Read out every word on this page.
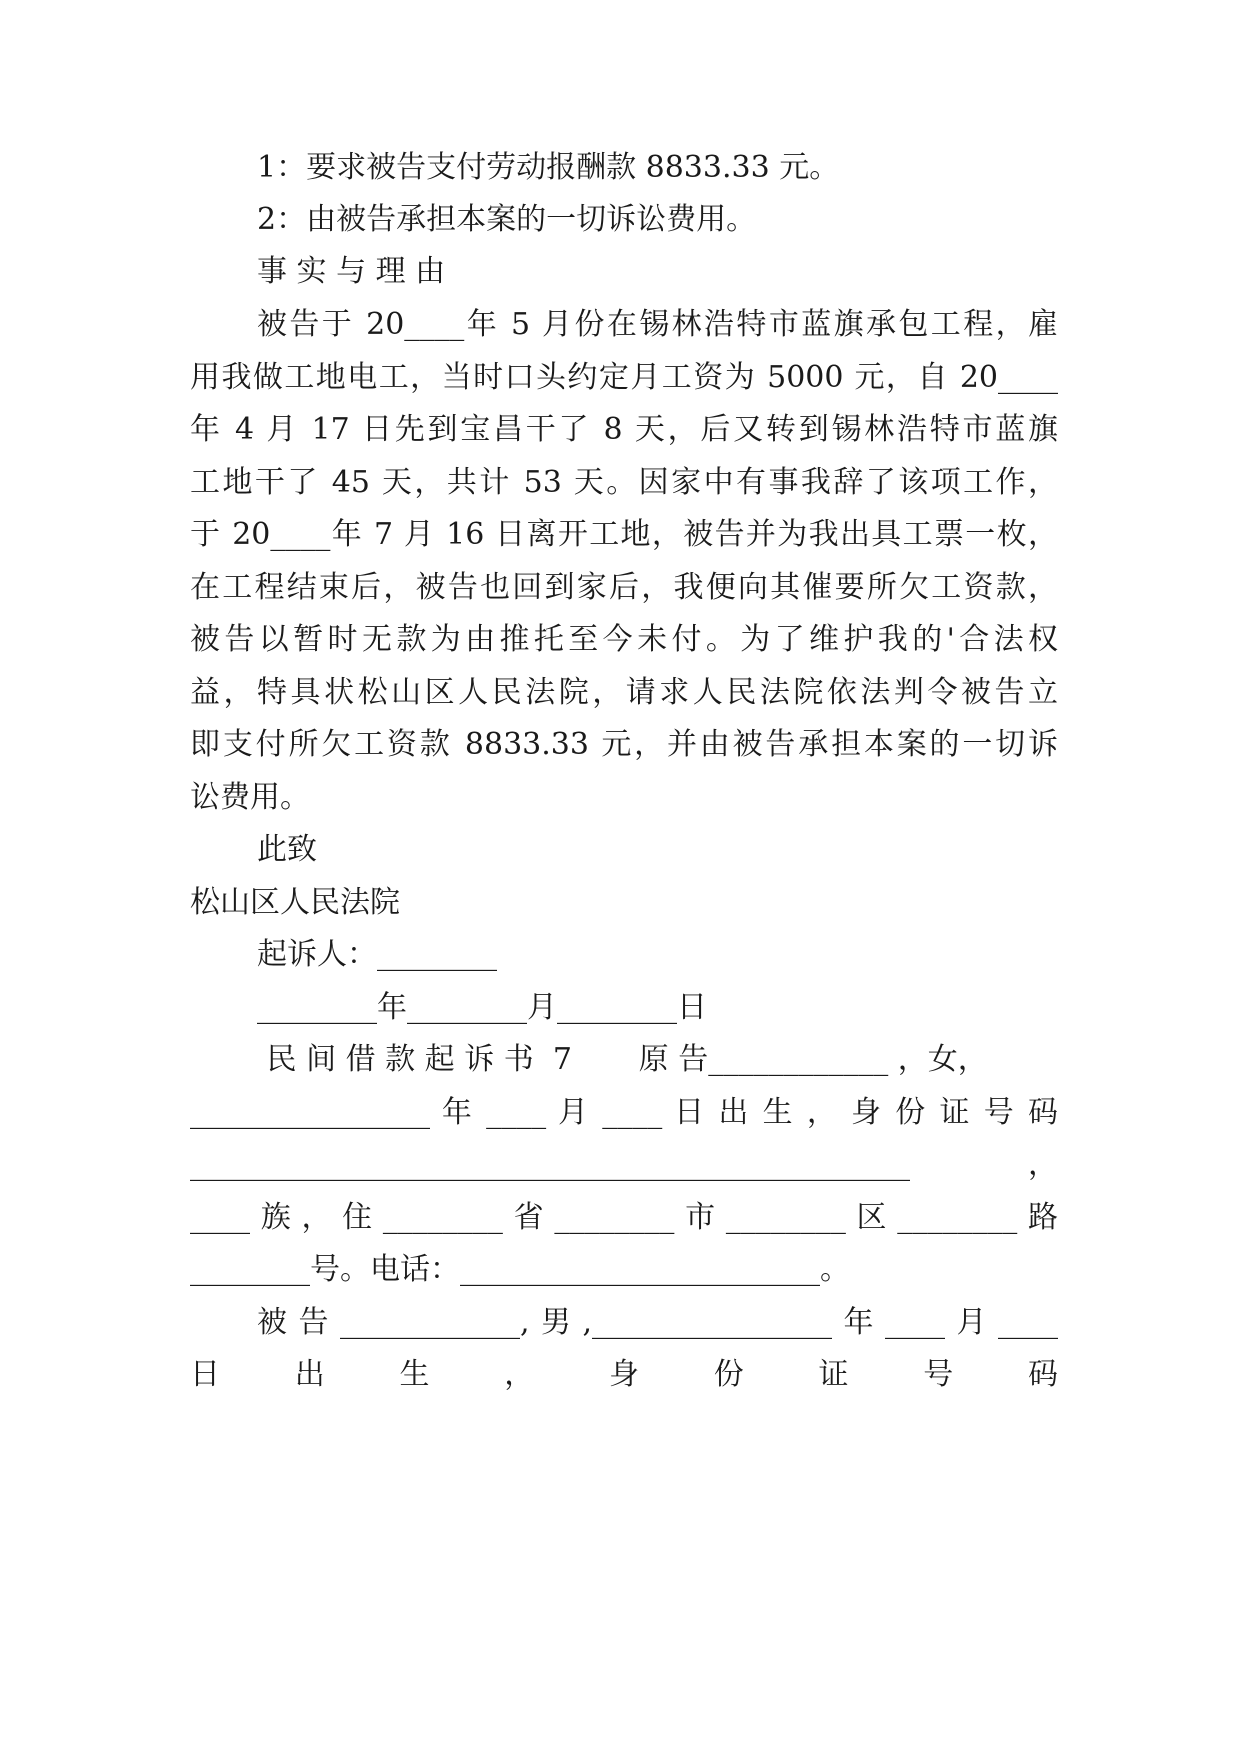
1：要求被告支付劳动报酬款 8833.33 元。
2：由被告承担本案的一切诉讼费用。
事 实 与 理 由
被告于 20____年 5 月份在锡林浩特市蓝旗承包工程，雇
用我做工地电工，当时口头约定月工资为 5000 元，自 20____
年 4 月 17 日先到宝昌干了 8 天，后又转到锡林浩特市蓝旗
工地干了 45 天，共计 53 天。因家中有事我辞了该项工作，
于 20____年 7 月 16 日离开工地，被告并为我出具工票一枚，
在工程结束后，被告也回到家后，我便向其催要所欠工资款，
被告以暂时无款为由推托至今未付。为了维护我的'合法权
益，特具状松山区人民法院，请求人民法院依法判令被告立
即支付所欠工资款 8833.33 元，并由被告承担本案的一切诉
讼费用。
此致
松山区人民法院
起诉人：________
________年________月________日
民 间 借 款 起 诉 书  7       原 告____________ ，女，
________________ 年 ____ 月 ____ 日 出 生 ， 身 份 证 号 码
________________________________________________ ，
____族，住________省________市________区________路
________号。电话：________________________。
被告____________,男,________________年____月____
日 出 生 ， 身 份 证 号 码
